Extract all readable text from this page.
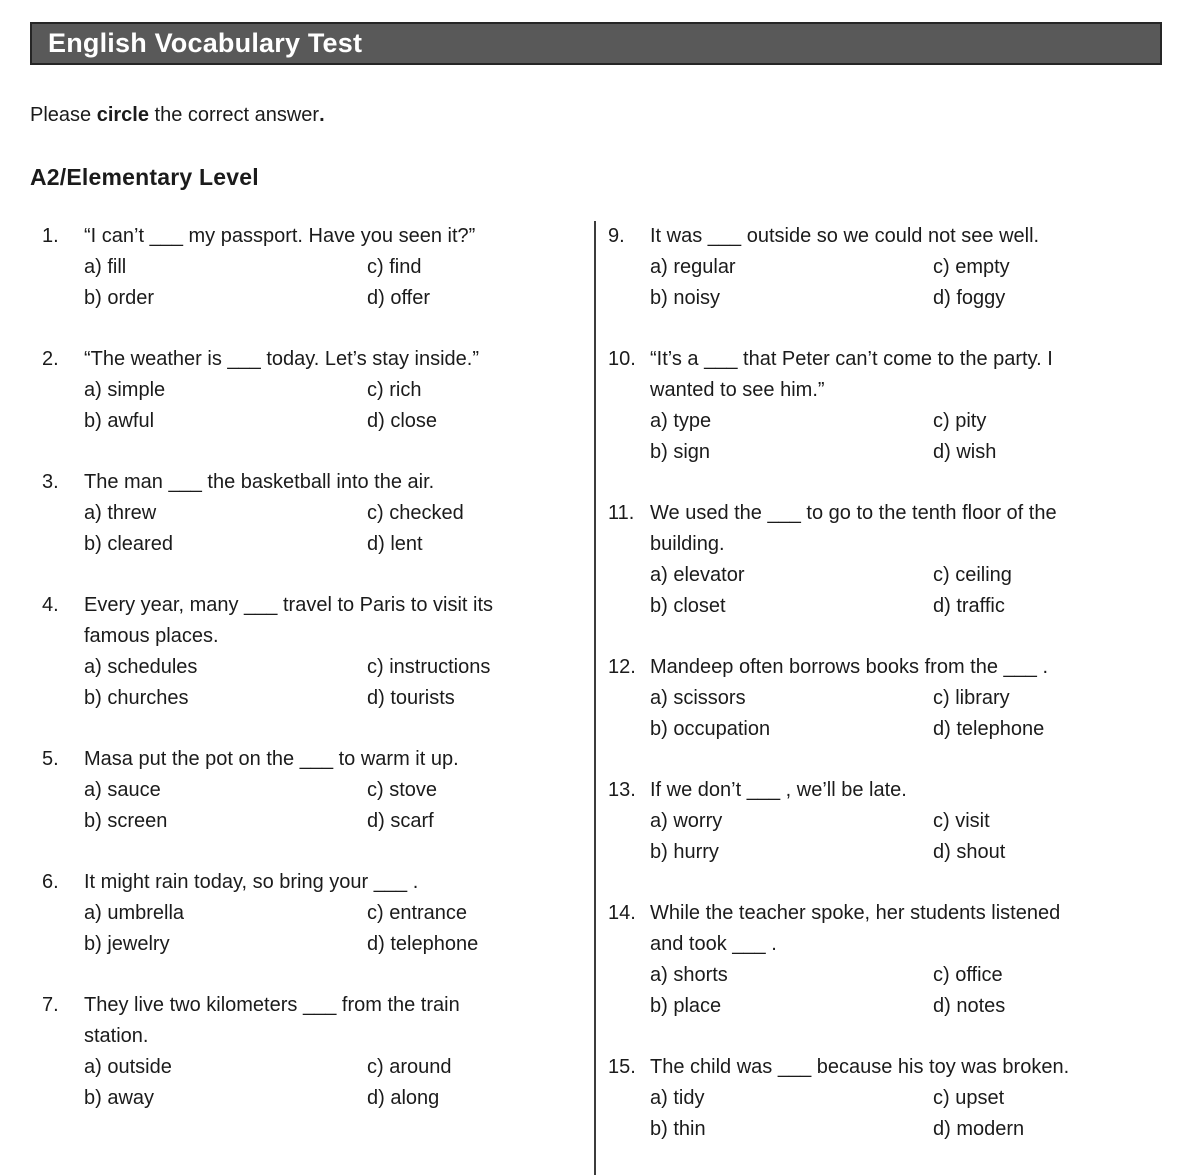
English Vocabulary Test
Please circle the correct answer.
A2/Elementary Level
1.	“I can’t ___ my passport. Have you seen it?”
a) fill	c) find
b) order	d) offer
2.	“The weather is ___ today. Let’s stay inside.”
a) simple	c) rich
b) awful	d) close
3.	The man ___ the basketball into the air.
a) threw	c) checked
b) cleared	d) lent
4.	Every year, many ___ travel to Paris to visit its
famous places.
a) schedules	c) instructions
b) churches	d) tourists
5.	Masa put the pot on the ___ to warm it up.
a) sauce	c) stove
b) screen	d) scarf
6.	It might rain today, so bring your ___ .
a) umbrella	c) entrance
b) jewelry	d) telephone
7.	They live two kilometers ___ from the train
station.
a) outside	c) around
b) away	d) along
9.	It was ___ outside so we could not see well.
a) regular	c) empty
b) noisy	d) foggy
10. “It’s a ___ that Peter can’t come to the party. I
wanted to see him.”
a) type	c) pity
b) sign	d) wish
11. We used the ___ to go to the tenth floor of the
building.
a) elevator	c) ceiling
b) closet	d) traffic
12. Mandeep often borrows books from the ___ .
a) scissors	c) library
b) occupation	d) telephone
13. If we don’t ___ , we’ll be late.
a) worry	c) visit
b) hurry	d) shout
14. While the teacher spoke, her students listened
and took ___ .
a) shorts	c) office
b) place	d) notes
15. The child was ___ because his toy was broken.
a) tidy	c) upset
b) thin	d) modern
